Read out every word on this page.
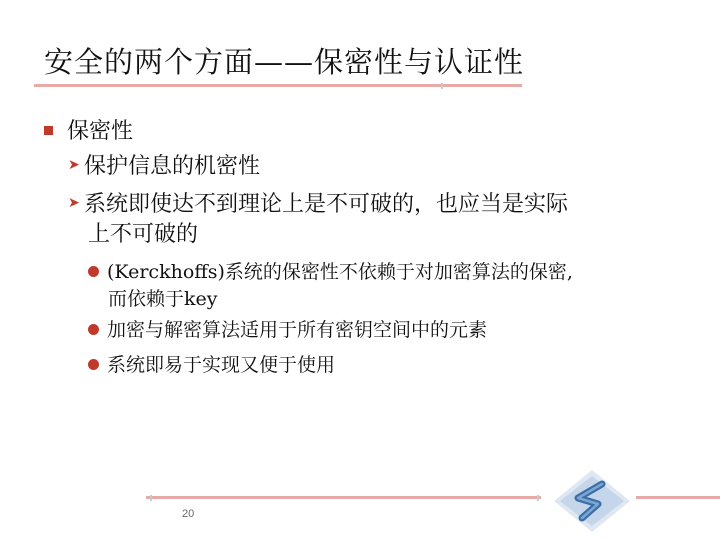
安全的两个方面——保密性与认证性
保密性
➤ 保护信息的机密性
➤ 系统即使达不到理论上是不可破的，也应当是实际
上不可破的
(Kerckhoffs)系统的保密性不依赖于对加密算法的保密,
而依赖于key
加密与解密算法适用于所有密钥空间中的元素
系统即易于实现又便于使用
20
